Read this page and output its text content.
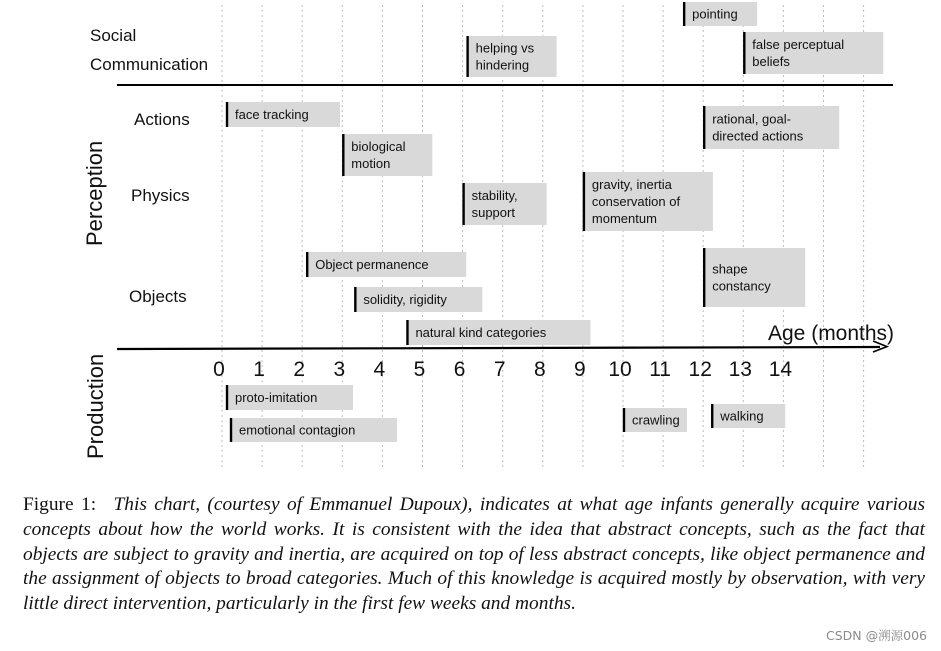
pointing
helping vs hindering
false perceptual beliefs
face tracking	rational, goal-directed actions
biological motion
stability, support
gravity, inertia conservation of momentum
Object permanence	shape constancy
solidity, rigidity
natural kind categories
proto-imitation
emotional contagion
crawling	walking
0 1 2 3 4 5 6 7 8 9 10 11 12 13 14
Age (months)
Social Communication
Actions
Physics
Objects
Perception
Production
Figure 1: This chart, (courtesy of Emmanuel Dupoux), indicates at what age infants generally acquire various concepts about how the world works. It is consistent with the idea that abstract concepts, such as the fact that objects are subject to gravity and inertia, are acquired on top of less abstract concepts, like object permanence and the assignment of objects to broad categories. Much of this knowledge is acquired mostly by observation, with very little direct intervention, particularly in the first few weeks and months.
CSDN @溯源006
